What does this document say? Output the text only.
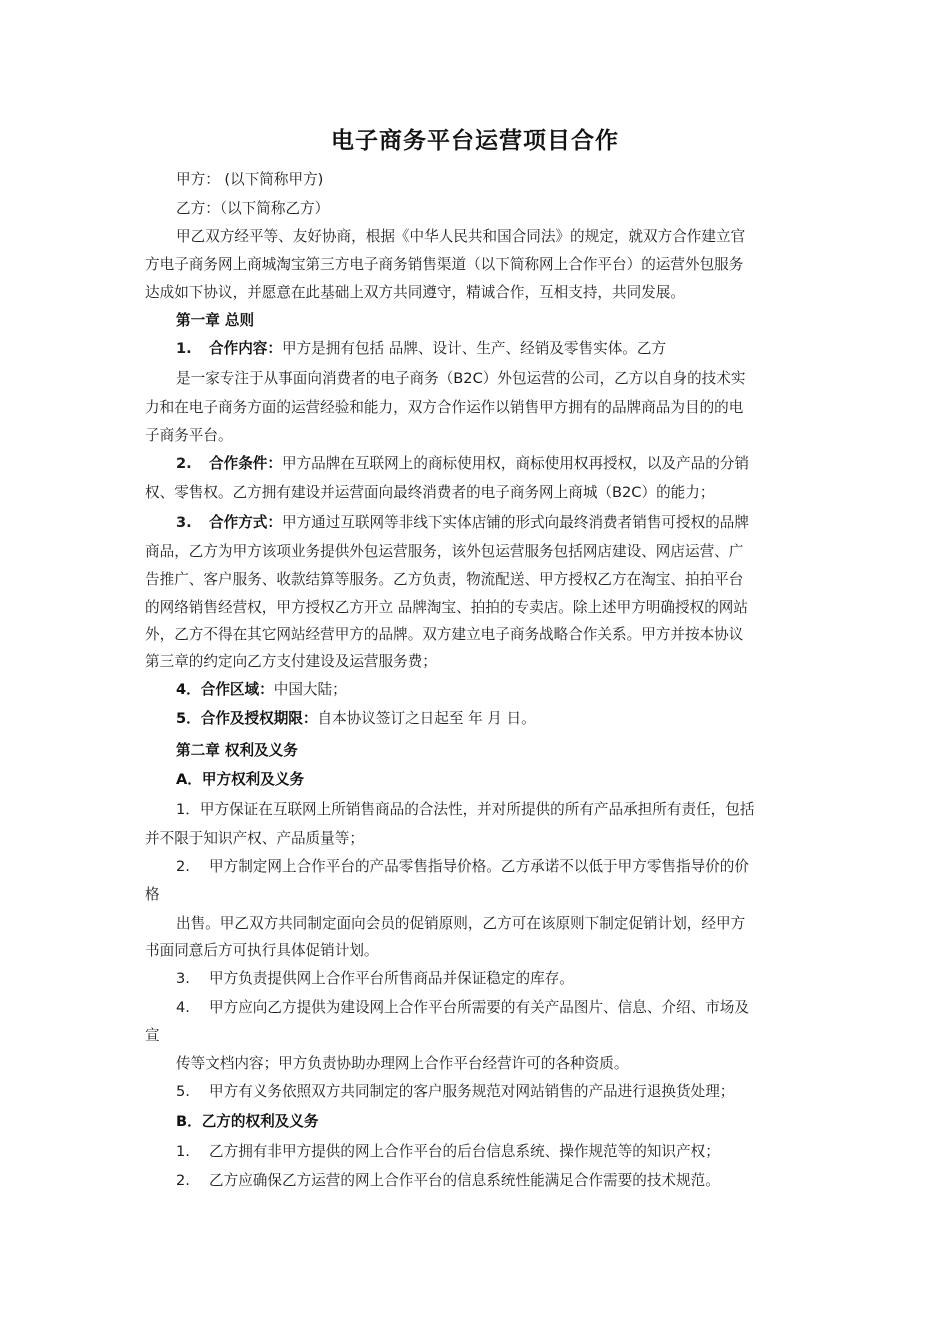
电子商务平台运营项目合作
甲方： (以下简称甲方)
乙方：（以下简称乙方）
甲乙双方经平等、友好协商，根据《中华人民共和国合同法》的规定，就双方合作建立官
方电子商务网上商城淘宝第三方电子商务销售渠道（以下简称网上合作平台）的运营外包服务
达成如下协议，并愿意在此基础上双方共同遵守，精诚合作，互相支持，共同发展。
第一章 总则
1. 合作内容：甲方是拥有包括 品牌、设计、生产、经销及零售实体。乙方
是一家专注于从事面向消费者的电子商务（B2C）外包运营的公司，乙方以自身的技术实
力和在电子商务方面的运营经验和能力，双方合作运作以销售甲方拥有的品牌商品为目的的电
子商务平台。
2. 合作条件：甲方品牌在互联网上的商标使用权，商标使用权再授权，以及产品的分销
权、零售权。乙方拥有建设并运营面向最终消费者的电子商务网上商城（B2C）的能力；
3. 合作方式：甲方通过互联网等非线下实体店铺的形式向最终消费者销售可授权的品牌
商品，乙方为甲方该项业务提供外包运营服务，该外包运营服务包括网店建设、网店运营、广
告推广、客户服务、收款结算等服务。乙方负责，物流配送、甲方授权乙方在淘宝、拍拍平台
的网络销售经营权，甲方授权乙方开立 品牌淘宝、拍拍的专卖店。除上述甲方明确授权的网站
外，乙方不得在其它网站经营甲方的品牌。双方建立电子商务战略合作关系。甲方并按本协议
第三章的约定向乙方支付建设及运营服务费；
4．合作区域：中国大陆；
5．合作及授权期限：自本协议签订之日起至 年 月 日。
第二章 权利及义务
A．甲方权利及义务
1．甲方保证在互联网上所销售商品的合法性，并对所提供的所有产品承担所有责任，包括
并不限于知识产权、产品质量等；
2. 甲方制定网上合作平台的产品零售指导价格。乙方承诺不以低于甲方零售指导价的价
格
出售。甲乙双方共同制定面向会员的促销原则，乙方可在该原则下制定促销计划，经甲方
书面同意后方可执行具体促销计划。
3. 甲方负责提供网上合作平台所售商品并保证稳定的库存。
4. 甲方应向乙方提供为建设网上合作平台所需要的有关产品图片、信息、介绍、市场及
宣
传等文档内容；甲方负责协助办理网上合作平台经营许可的各种资质。
5. 甲方有义务依照双方共同制定的客户服务规范对网站销售的产品进行退换货处理；
B．乙方的权利及义务
1. 乙方拥有非甲方提供的网上合作平台的后台信息系统、操作规范等的知识产权；
2. 乙方应确保乙方运营的网上合作平台的信息系统性能满足合作需要的技术规范。
